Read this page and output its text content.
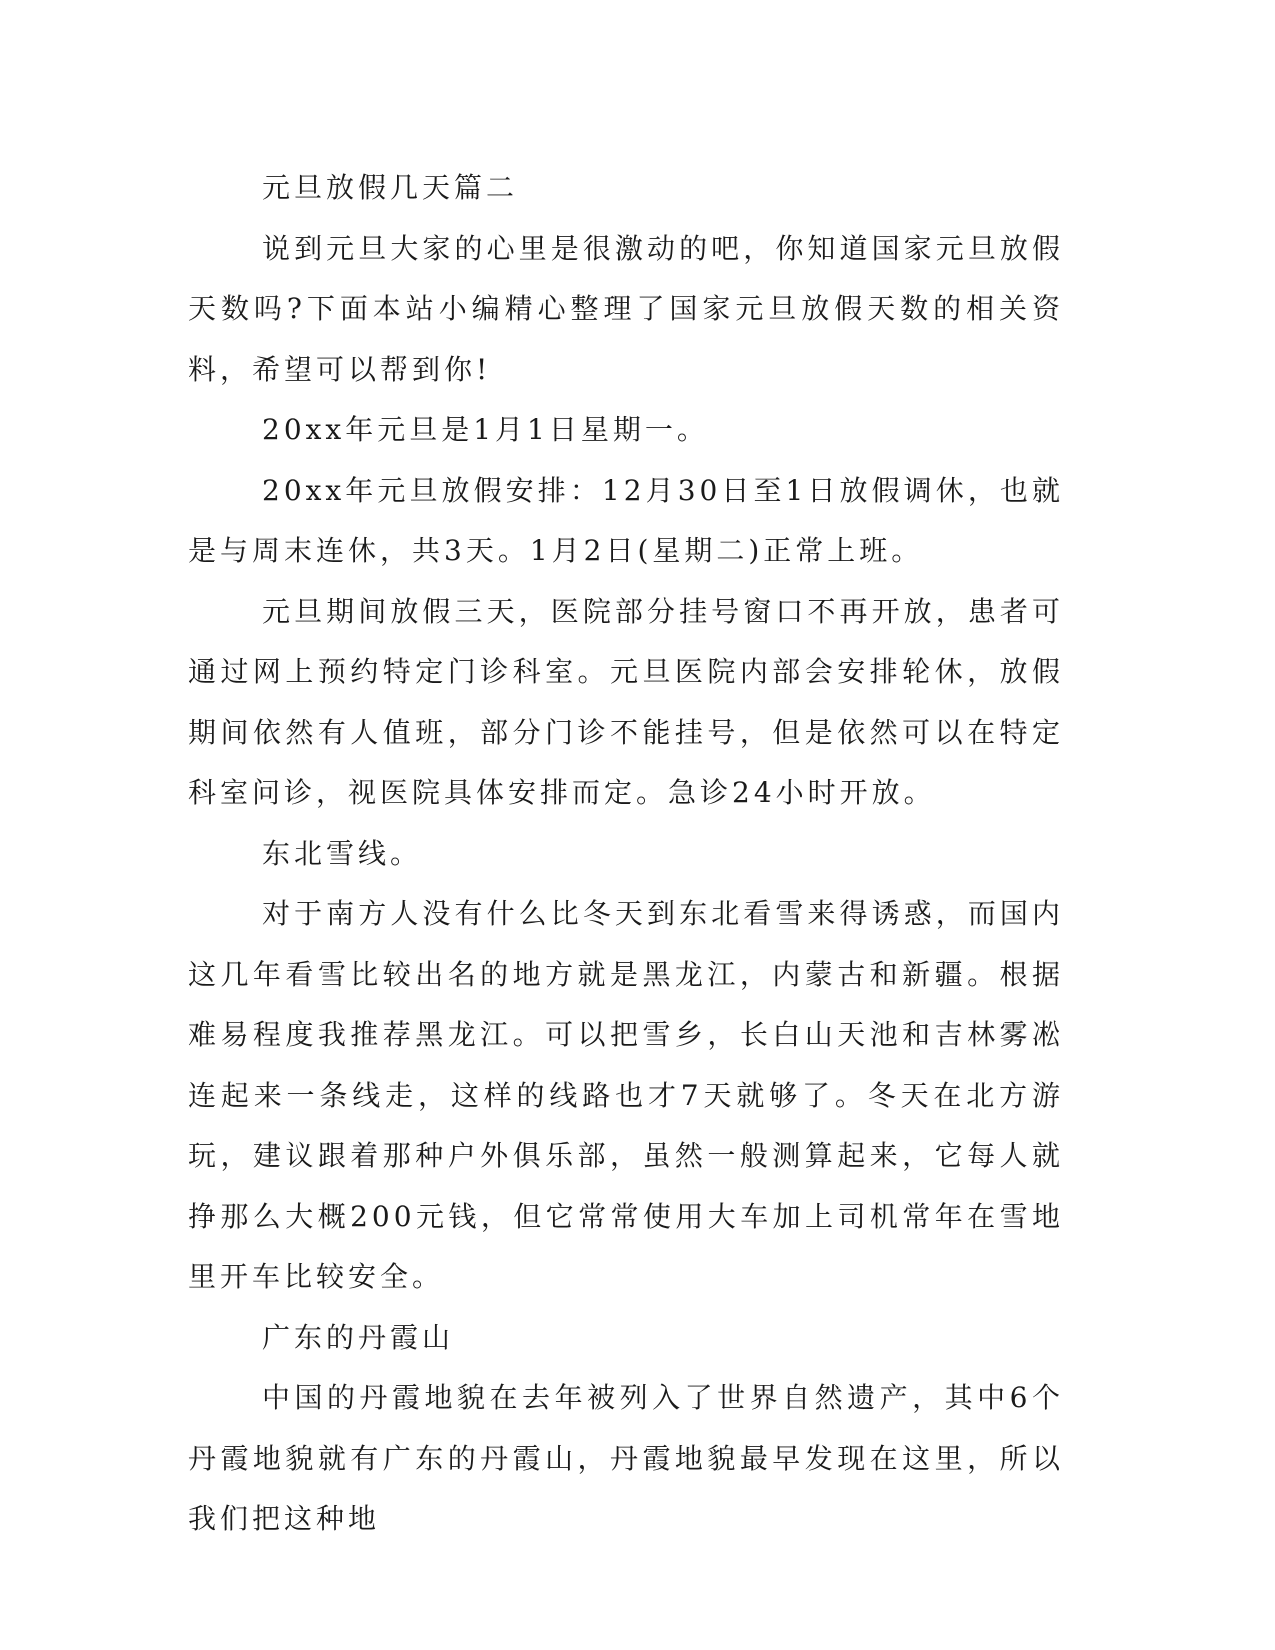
元旦放假几天篇二

说到元旦大家的心里是很激动的吧，你知道国家元旦放假天数吗?下面本站小编精心整理了国家元旦放假天数的相关资料，希望可以帮到你!

20xx年元旦是1月1日星期一。

20xx年元旦放假安排：12月30日至1日放假调休，也就是与周末连休，共3天。1月2日(星期二)正常上班。

元旦期间放假三天，医院部分挂号窗口不再开放，患者可通过网上预约特定门诊科室。元旦医院内部会安排轮休，放假期间依然有人值班，部分门诊不能挂号，但是依然可以在特定科室问诊，视医院具体安排而定。急诊24小时开放。

东北雪线。

对于南方人没有什么比冬天到东北看雪来得诱惑，而国内这几年看雪比较出名的地方就是黑龙江，内蒙古和新疆。根据难易程度我推荐黑龙江。可以把雪乡，长白山天池和吉林雾凇连起来一条线走，这样的线路也才7天就够了。冬天在北方游玩，建议跟着那种户外俱乐部，虽然一般测算起来，它每人就挣那么大概200元钱，但它常常使用大车加上司机常年在雪地里开车比较安全。

广东的丹霞山

中国的丹霞地貌在去年被列入了世界自然遗产，其中6个丹霞地貌就有广东的丹霞山，丹霞地貌最早发现在这里，所以我们把这种地
